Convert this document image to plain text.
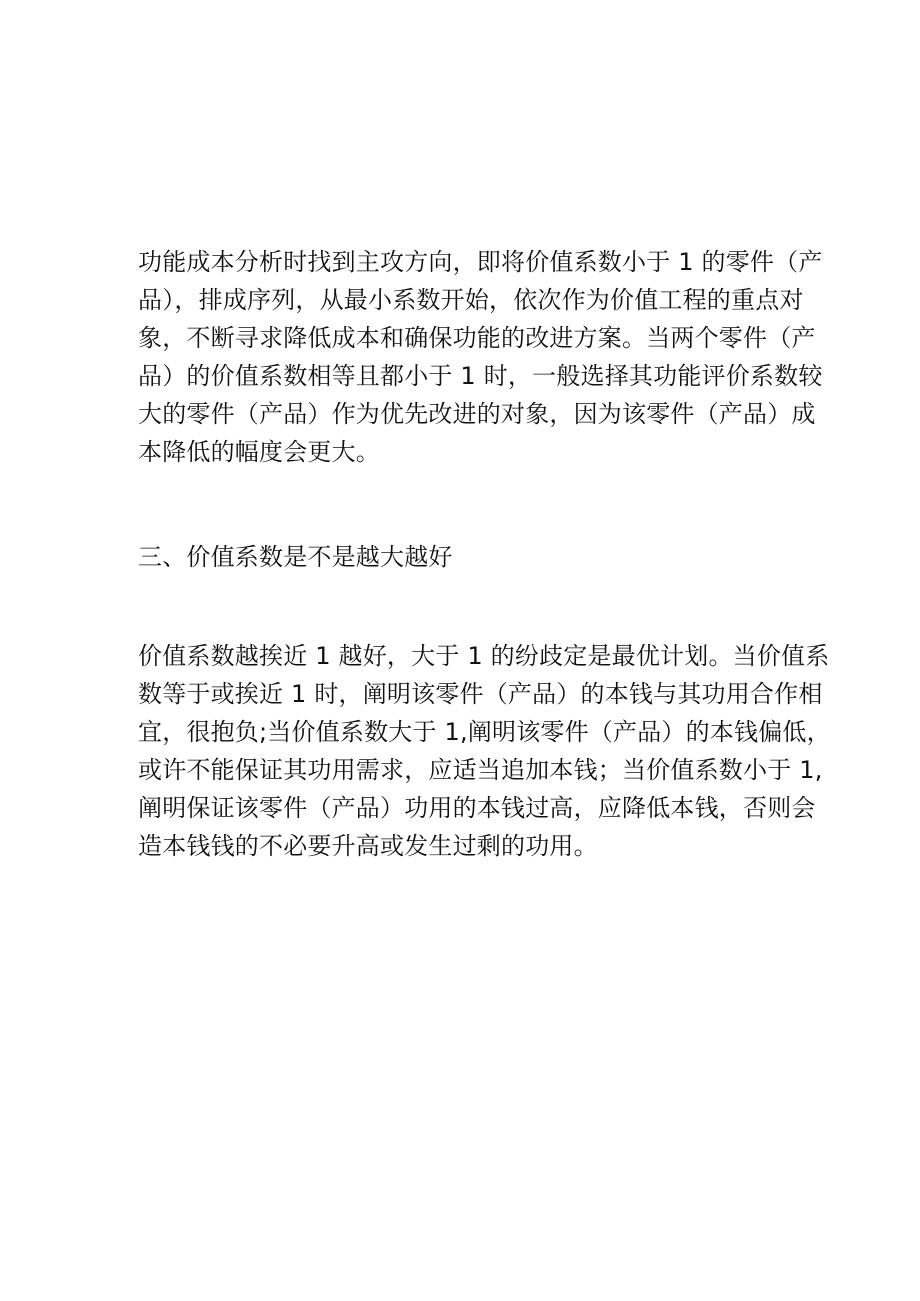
功能成本分析时找到主攻方向，即将价值系数小于 1 的零件（产
品），排成序列，从最小系数开始，依次作为价值工程的重点对
象，不断寻求降低成本和确保功能的改进方案。当两个零件（产
品）的价值系数相等且都小于 1 时，一般选择其功能评价系数较
大的零件（产品）作为优先改进的对象，因为该零件（产品）成
本降低的幅度会更大。
三、价值系数是不是越大越好
价值系数越挨近 1 越好，大于 1 的纷歧定是最优计划。当价值系
数等于或挨近 1 时，阐明该零件（产品）的本钱与其功用合作相
宜，很抱负;当价值系数大于 1,阐明该零件（产品）的本钱偏低，
或许不能保证其功用需求，应适当追加本钱；当价值系数小于 1,
阐明保证该零件（产品）功用的本钱过高，应降低本钱，否则会
造本钱钱的不必要升高或发生过剩的功用。
